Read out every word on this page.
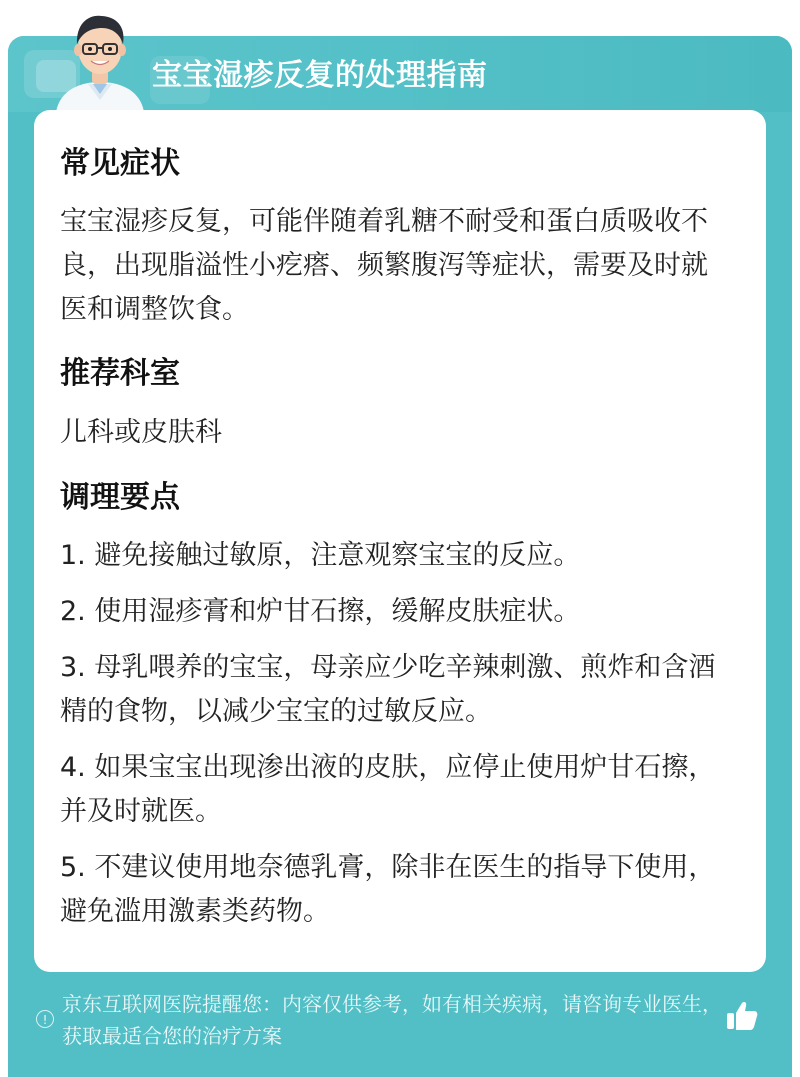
宝宝湿疹反复的处理指南
常见症状
宝宝湿疹反复，可能伴随着乳糖不耐受和蛋白质吸收不良，出现脂溢性小疙瘩、频繁腹泻等症状，需要及时就医和调整饮食。
推荐科室
儿科或皮肤科
调理要点
1. 避免接触过敏原，注意观察宝宝的反应。
2. 使用湿疹膏和炉甘石擦，缓解皮肤症状。
3. 母乳喂养的宝宝，母亲应少吃辛辣刺激、煎炸和含酒精的食物，以减少宝宝的过敏反应。
4. 如果宝宝出现渗出液的皮肤，应停止使用炉甘石擦，并及时就医。
5. 不建议使用地奈德乳膏，除非在医生的指导下使用，避免滥用激素类药物。
!
京东互联网医院提醒您：内容仅供参考，如有相关疾病，请咨询专业医生，获取最适合您的治疗方案
